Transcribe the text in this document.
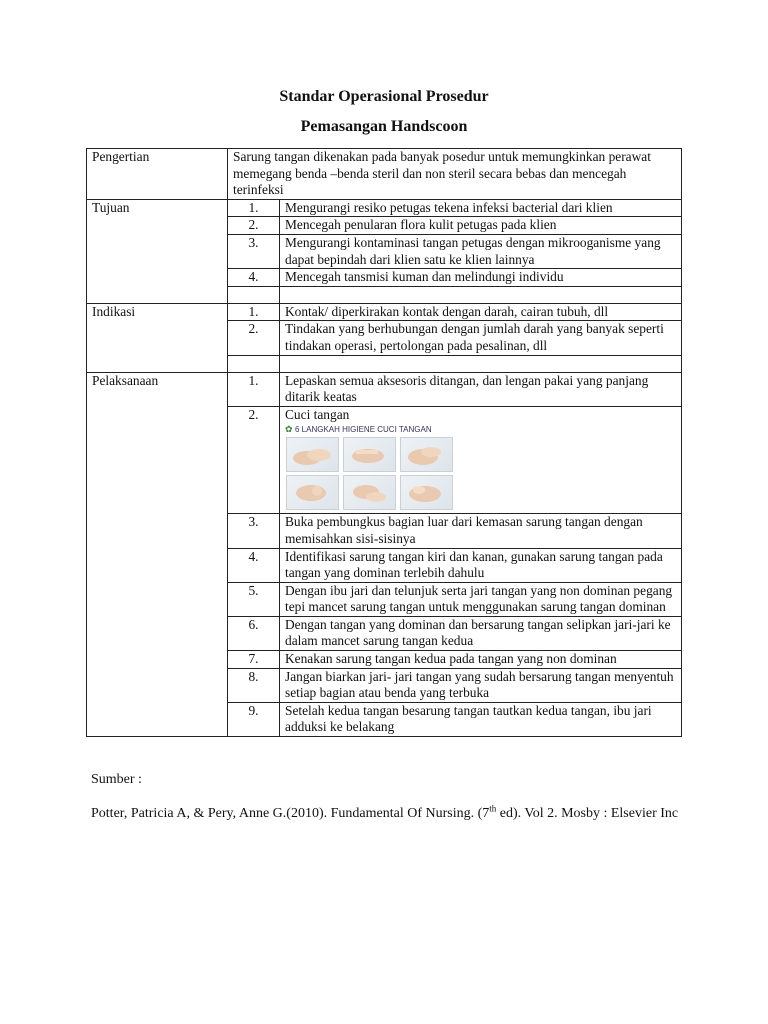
Standar Operasional Prosedur
Pemasangan Handscoon
Pengertian	Sarung tangan dikenakan pada banyak posedur untuk memungkinkan perawat memegang benda –benda steril dan non steril secara bebas dan mencegah terinfeksi	
Tujuan	1.	Mengurangi resiko petugas tekena infeksi bacterial dari klien
	2.	Mencegah penularan flora kulit petugas pada klien
	3.	Mengurangi kontaminasi tangan petugas dengan mikrooganisme yang dapat bepindah dari klien satu ke klien lainnya
	4.	Mencegah tansmisi kuman dan melindungi individu

Indikasi	1.	Kontak/ diperkirakan kontak dengan darah, cairan tubuh, dll
	2.	Tindakan yang berhubungan dengan jumlah darah yang banyak seperti tindakan operasi, pertolongan pada pesalinan, dll

Pelaksanaan	1.	Lepaskan semua aksesoris ditangan, dan lengan pakai yang panjang ditarik keatas
	2.	Cuci tangan
✿ 6 LANGKAH HIGIENE CUCI TANGAN

	3.	Buka pembungkus bagian luar dari kemasan sarung tangan dengan memisahkan sisi-sisinya
	4.	Identifikasi sarung tangan kiri dan kanan, gunakan sarung tangan pada tangan yang dominan terlebih dahulu
	5.	Dengan ibu jari dan telunjuk serta jari tangan yang non dominan pegang tepi mancet sarung tangan untuk menggunakan sarung tangan dominan
	6.	Dengan tangan yang dominan dan bersarung tangan selipkan jari-jari ke dalam mancet sarung tangan kedua
	7.	Kenakan sarung tangan kedua pada tangan yang non dominan
	8.	Jangan biarkan jari- jari tangan yang sudah bersarung tangan menyentuh setiap bagian atau benda yang terbuka
	9.	Setelah kedua tangan besarung tangan tautkan kedua tangan, ibu jari adduksi ke belakang
Sumber :
Potter, Patricia A, & Pery, Anne G.(2010). Fundamental Of Nursing. (7th ed). Vol 2. Mosby : Elsevier Inc
